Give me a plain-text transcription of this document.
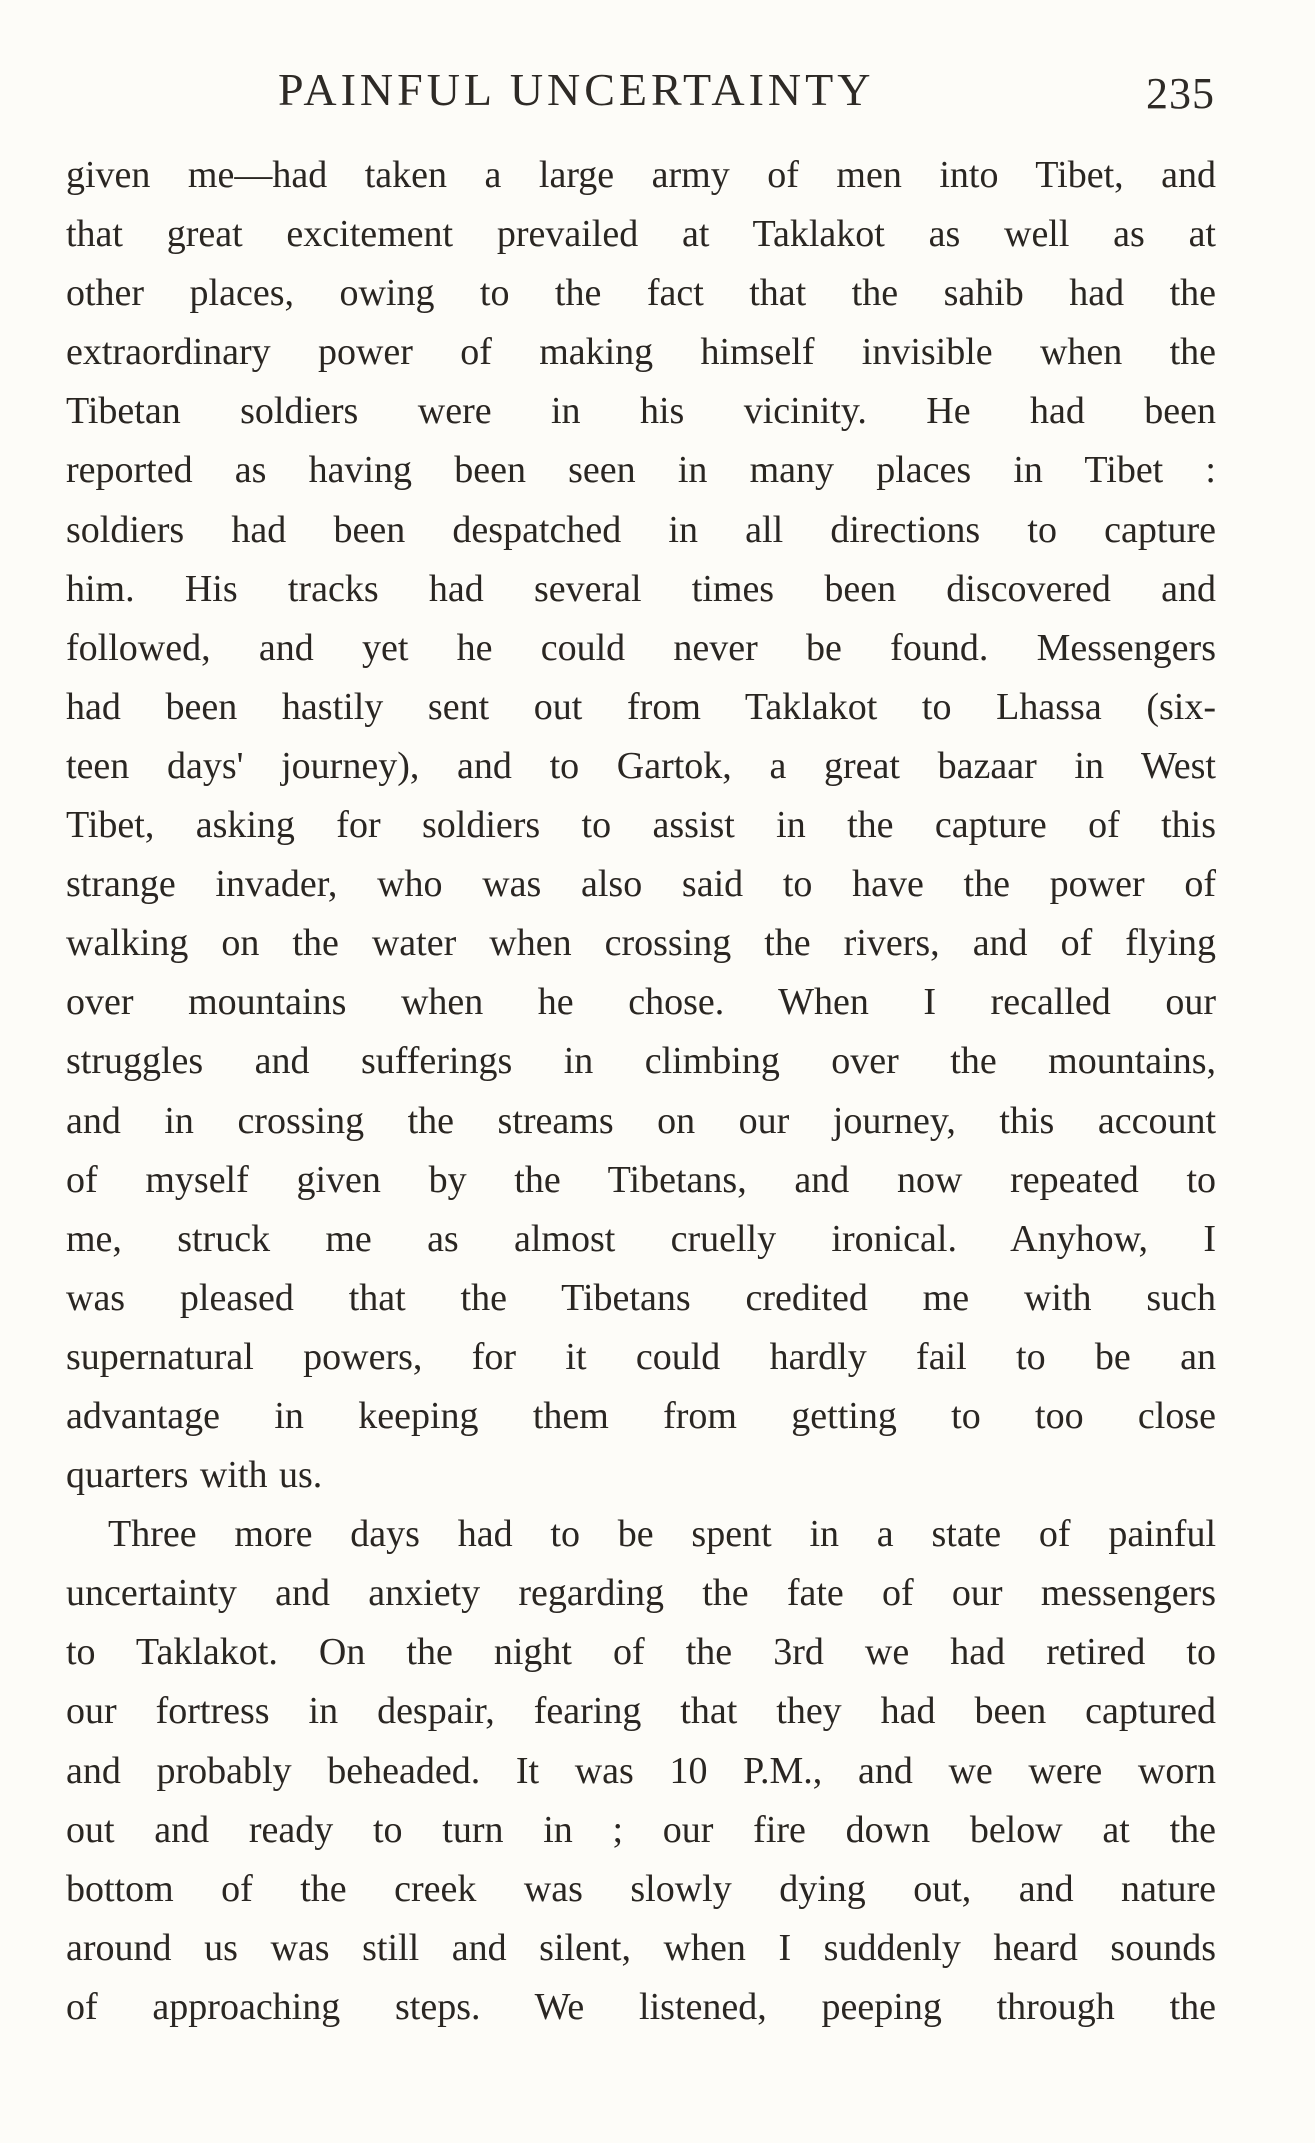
PAINFUL UNCERTAINTY	235
given me—had taken a large army of men into Tibet, and
that great excitement prevailed at Taklakot as well as at
other places, owing to the fact that the sahib had the
extraordinary power of making himself invisible when the
Tibetan soldiers were in his vicinity. He had been
reported as having been seen in many places in Tibet :
soldiers had been despatched in all directions to capture
him. His tracks had several times been discovered and
followed, and yet he could never be found. Messengers
had been hastily sent out from Taklakot to Lhassa (six-
teen days' journey), and to Gartok, a great bazaar in West
Tibet, asking for soldiers to assist in the capture of this
strange invader, who was also said to have the power of
walking on the water when crossing the rivers, and of flying
over mountains when he chose. When I recalled our
struggles and sufferings in climbing over the mountains,
and in crossing the streams on our journey, this account
of myself given by the Tibetans, and now repeated to
me, struck me as almost cruelly ironical. Anyhow, I
was pleased that the Tibetans credited me with such
supernatural powers, for it could hardly fail to be an
advantage in keeping them from getting to too close
quarters with us.
Three more days had to be spent in a state of painful
uncertainty and anxiety regarding the fate of our messengers
to Taklakot. On the night of the 3rd we had retired to
our fortress in despair, fearing that they had been captured
and probably beheaded. It was 10 P.M., and we were worn
out and ready to turn in ; our fire down below at the
bottom of the creek was slowly dying out, and nature
around us was still and silent, when I suddenly heard sounds
of approaching steps. We listened, peeping through the
